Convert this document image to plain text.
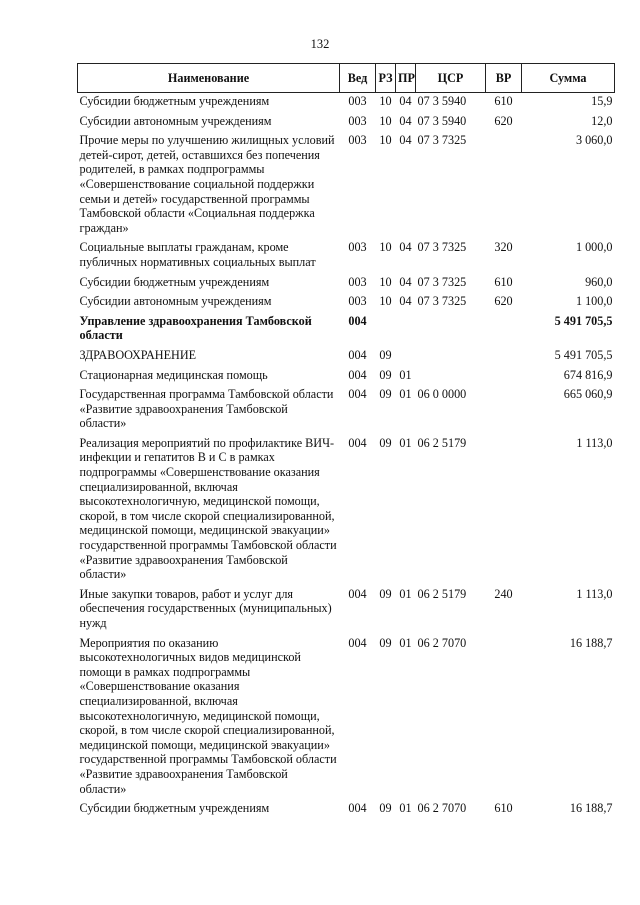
132
Наименование	Вед	РЗ	ПР	ЦСР	ВР	Сумма
Субсидии бюджетным учреждениям	003	10	04	07 3 5940	610	15,9
Субсидии автономным учреждениям	003	10	04	07 3 5940	620	12,0
Прочие меры по улучшению жилищных условий детей-сирот, детей, оставшихся без попечения родителей, в рамках подпрограммы «Совершенствование социальной поддержки семьи и детей» государственной программы Тамбовской области «Социальная поддержка граждан»	003	10	04	07 3 7325		3 060,0
Социальные выплаты гражданам, кроме публичных нормативных социальных выплат	003	10	04	07 3 7325	320	1 000,0
Субсидии бюджетным учреждениям	003	10	04	07 3 7325	610	960,0
Субсидии автономным учреждениям	003	10	04	07 3 7325	620	1 100,0
Управление здравоохранения Тамбовской области	004					5 491 705,5
ЗДРАВООХРАНЕНИЕ	004	09				5 491 705,5
Стационарная медицинская помощь	004	09	01			674 816,9
Государственная программа Тамбовской области «Развитие здравоохранения Тамбовской области»	004	09	01	06 0 0000		665 060,9
Реализация мероприятий по профилактике ВИЧ-инфекции и гепатитов В и С в рамках подпрограммы «Совершенствование оказания специализированной, включая высокотехнологичную, медицинской помощи, скорой, в том числе скорой специализированной, медицинской помощи, медицинской эвакуации» государственной программы Тамбовской области «Развитие здравоохранения Тамбовской области»	004	09	01	06 2 5179		1 113,0
Иные закупки товаров, работ и услуг для обеспечения государственных (муниципальных) нужд	004	09	01	06 2 5179	240	1 113,0
Мероприятия по оказанию высокотехнологичных видов медицинской помощи в рамках подпрограммы «Совершенствование оказания специализированной, включая высокотехнологичную, медицинской помощи, скорой, в том числе скорой специализированной, медицинской помощи, медицинской эвакуации» государственной программы Тамбовской области «Развитие здравоохранения Тамбовской области»	004	09	01	06 2 7070		16 188,7
Субсидии бюджетным учреждениям	004	09	01	06 2 7070	610	16 188,7
